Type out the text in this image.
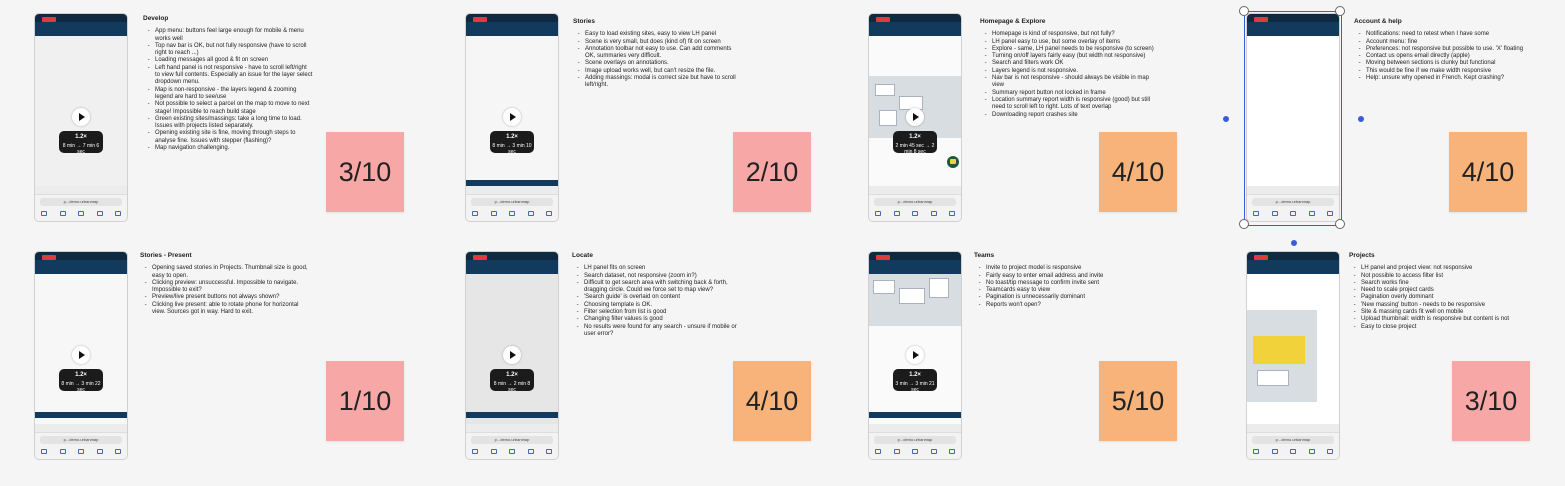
1.2×
8 min → 7 min 6 sec
p...demo.urbanmap
Develop
- App menu: buttons feel large enough for mobile & menu works well
- Top nav bar is OK, but not fully responsive (have to scroll right to reach ...)
- Loading messages all good & fit on screen
- Left hand panel is not responsive - have to scroll left/right to view full contents. Especially an issue for the layer select dropdown menu.
- Map is non-responsive - the layers legend & zooming legend are hard to see/use
- Not possible to select a parcel on the map to move to next stage! Impossible to reach build stage
- Green existing sites/massings: take a long time to load. Issues with projects listed separately.
- Opening existing site is fine, moving through steps to analyse fine. Issues with stepper (flashing)?
- Map navigation challenging.
3/10
1.2×
8 min → 3 min 10 sec
p...demo.urbanmap
Stories
- Easy to load existing sites, easy to view LH panel
- Scene is very small, but does (kind of) fit on screen
- Annotation toolbar not easy to use. Can add comments OK, summaries very difficult.
- Scene overlays on annotations.
- Image upload works well, but can't resize the file.
- Adding massings: modal is correct size but have to scroll left/right.
2/10
1.2×
2 min 45 sec → 2 min 8 sec
p...demo.urbanmap
Homepage & Explore
- Homepage is kind of responsive, but not fully?
- LH panel easy to use, but some overlay of items
- Explore - same, LH panel needs to be responsive (to screen)
- Turning on/off layers fairly easy (but width not responsive)
- Search and filters work OK
- Layers legend is not responsive.
- Nav bar is not responsive - should always be visible in map view
- Summary report button not locked in frame
- Location summary report width is responsive (good) but still need to scroll left to right. Lots of text overlap
- Downloading report crashes site
4/10
p...demo.urbanmap
Account & help
- Notifications: need to retest when I have some
- Account menu: fine
- Preferences: not responsive but possible to use. 'X' floating
- Contact us opens email directly (apple)
- Moving between sections is clunky but functional
- This would be fine if we make width responsive
- Help: unsure why opened in French. Kept crashing?
4/10
1.2×
8 min → 3 min 22 sec
p...demo.urbanmap
Stories - Present
- Opening saved stories in Projects. Thumbnail size is good, easy to open.
- Clicking preview: unsuccessful. Impossible to navigate. Impossible to exit?
- Preview/live present buttons not always shown?
- Clicking live present: able to rotate phone for horizontal view. Sources got in way. Hard to exit.
1/10
1.2×
8 min → 2 min 8 sec
p...demo.urbanmap
Locate
- LH panel fits on screen
- Search dataset, not responsive (zoom in?)
- Difficult to get search area with switching back & forth, dragging circle. Could we force set to map view?
- 'Search guide' is overlaid on content
- Choosing template is OK.
- Filter selection from list is good
- Changing filter values is good
- No results were found for any search - unsure if mobile or user error?
4/10
1.2×
3 min → 3 min 21 sec
p...demo.urbanmap
Teams
- Invite to project model is responsive
- Fairly easy to enter email address and invite
- No toast/tip message to confirm invite sent
- Teamcards easy to view
- Pagination is unnecessarily dominant
- Reports won't open?
5/10
p...demo.urbanmap
Projects
- LH panel and project view: not responsive
- Not possible to access filter list
- Search works fine
- Need to scale project cards
- Pagination overly dominant
- 'New massing' button - needs to be responsive
- Site & massing cards fit well on mobile
- Upload thumbnail: width is responsive but content is not
- Easy to close project
3/10
